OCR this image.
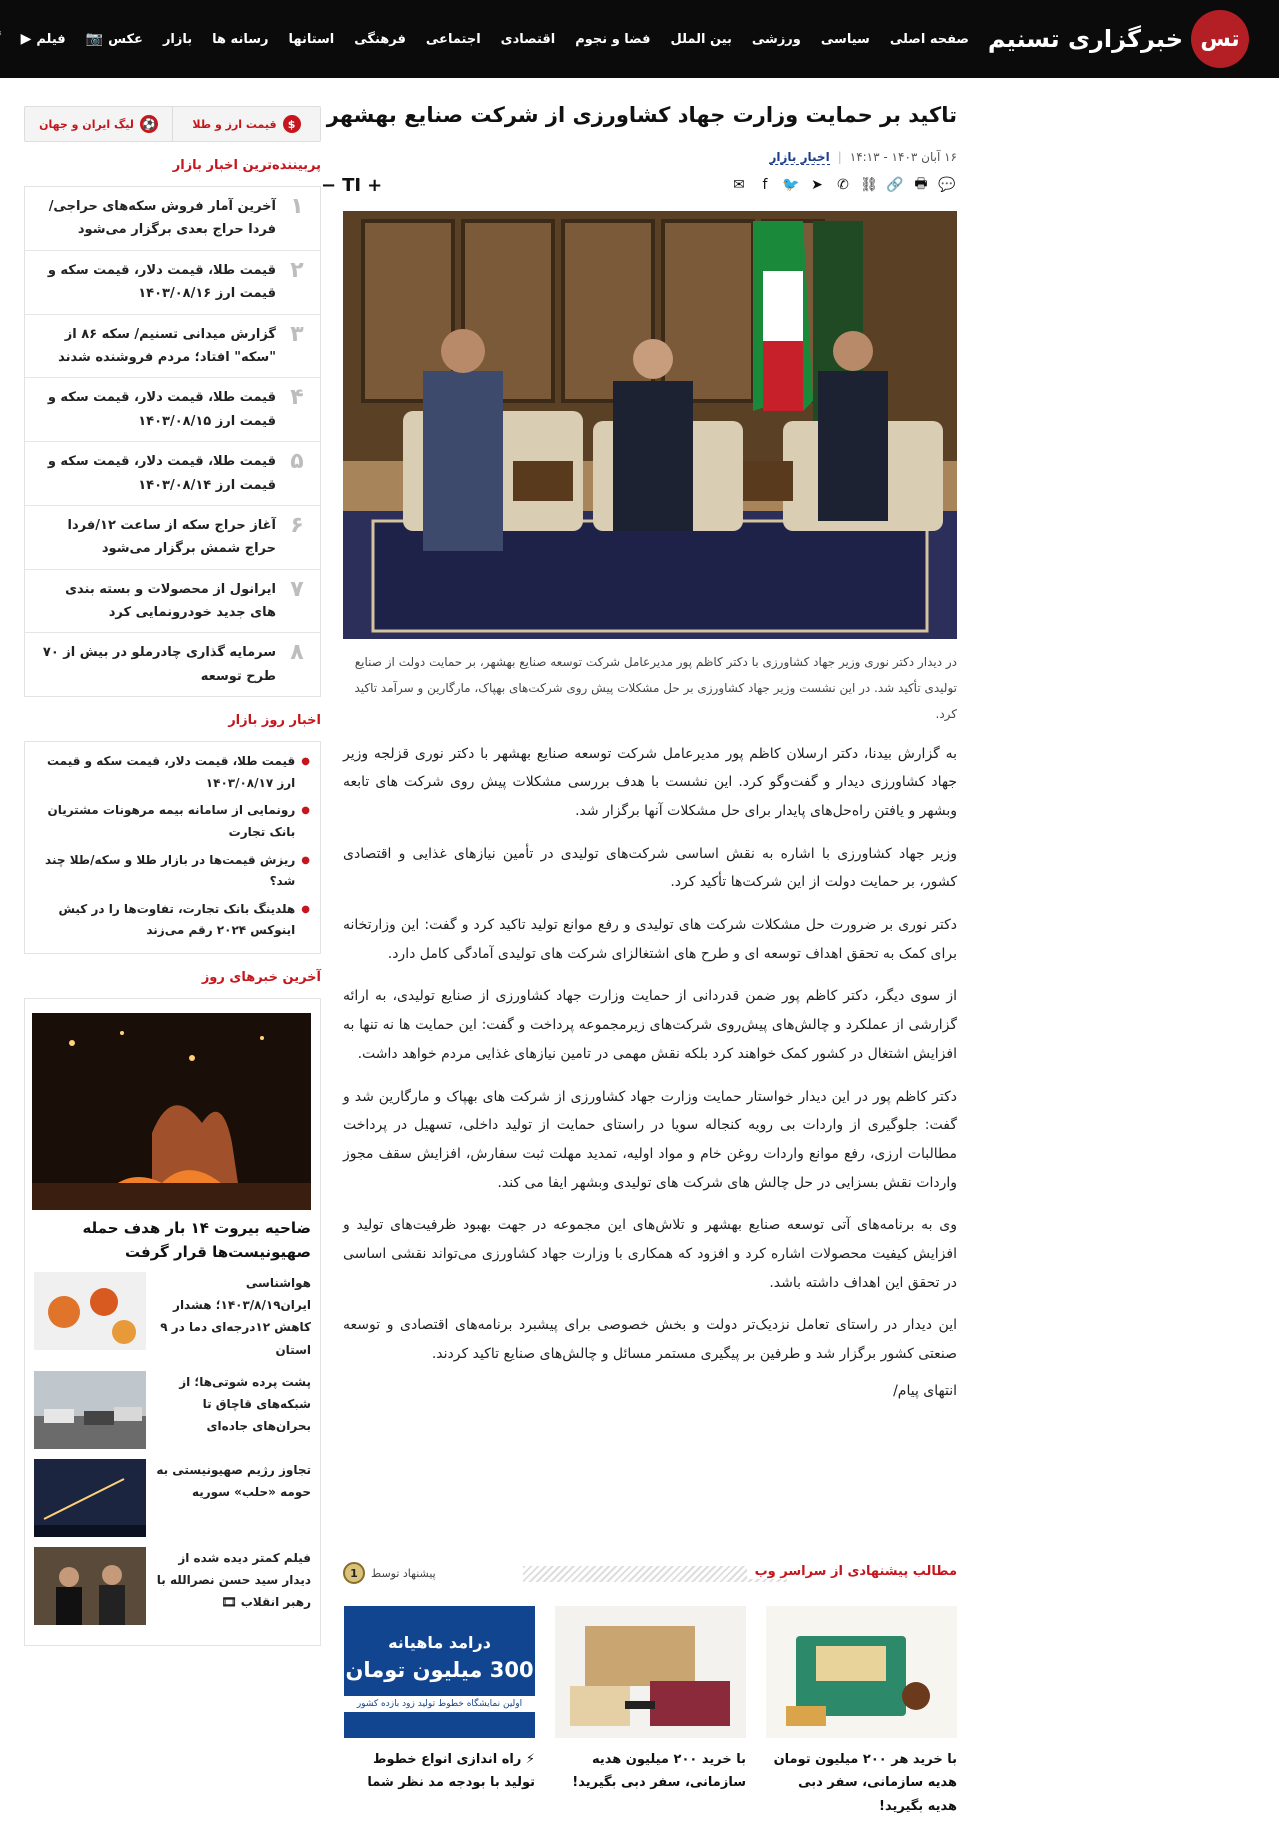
تس
خبرگزاری تسنیم
صفحه اصلی
سیاسی
ورزشی
بین الملل
فضا و نجوم
اقتصادی
اجتماعی
فرهنگی
استانها
رسانه ها
بازار
عکس
📷
فیلم
▶
تاکید بر حمایت وزارت جهاد کشاورزی از شرکت صنایع بهشهر
۱۶ آبان ۱۴۰۳ - ۱۴:۱۳
|
اخبار بازار
💬
🖶
🔗
⛓
✆
➤
🐦
f
✉
+
TI
−

در دیدار دکتر نوری وزیر جهاد کشاورزی با دکتر کاظم پور مدیرعامل شرکت توسعه صنایع بهشهر، بر حمایت دولت از صنایع تولیدی تأکید شد. در این نشست وزیر جهاد کشاورزی بر حل مشکلات پیش روی شرکت‌های بهپاک، مارگارین و سرآمد تاکید کرد.

به گزارش بیدنا، دکتر ارسلان کاظم پور مدیرعامل شرکت توسعه صنایع بهشهر با دکتر نوری قزلجه وزیر جهاد کشاورزی دیدار و گفت‌وگو کرد. این نشست با هدف بررسی مشکلات پیش روی شرکت های تابعه وبشهر و یافتن راه‌حل‌های پایدار برای حل مشکلات آنها برگزار شد.

وزیر جهاد کشاورزی با اشاره به نقش اساسی شرکت‌های تولیدی در تأمین نیازهای غذایی و اقتصادی کشور، بر حمایت دولت از این شرکت‌ها تأکید کرد.

دکتر نوری بر ضرورت حل مشکلات شرکت های تولیدی و رفع موانع تولید تاکید کرد و گفت: این وزارتخانه برای کمک به تحقق اهداف توسعه ای و طرح های اشتغالزای شرکت های تولیدی آمادگی کامل دارد.

از سوی دیگر، دکتر کاظم پور ضمن قدردانی از حمایت وزارت جهاد کشاورزی از صنایع تولیدی، به ارائه گزارشی از عملکرد و چالش‌های پیش‌روی شرکت‌های زیرمجموعه پرداخت و گفت: این حمایت ها نه تنها به افزایش اشتغال در کشور کمک خواهند کرد بلکه نقش مهمی در تامین نیازهای غذایی مردم خواهد داشت.

دکتر کاظم پور در این دیدار خواستار حمایت وزارت جهاد کشاورزی از شرکت های بهپاک و مارگارین شد و گفت: جلوگیری از واردات بی رویه کنجاله سویا در راستای حمایت از تولید داخلی، تسهیل در پرداخت مطالبات ارزی، رفع موانع واردات روغن خام و مواد اولیه، تمدید مهلت ثبت سفارش، افزایش سقف مجوز واردات نقش بسزایی در حل چالش های شرکت های تولیدی وبشهر ایفا می کند.

وی به برنامه‌های آتی توسعه صنایع بهشهر و تلاش‌های این مجموعه در جهت بهبود ظرفیت‌های تولید و افزایش کیفیت محصولات اشاره کرد و افزود که همکاری با وزارت جهاد کشاورزی می‌تواند نقشی اساسی در تحقق این اهداف داشته باشد.

این دیدار در راستای تعامل نزدیک‌تر دولت و بخش خصوصی برای پیشبرد برنامه‌های اقتصادی و توسعه صنعتی کشور برگزار شد و طرفین بر پیگیری مستمر مسائل و چالش‌های صنایع تاکید کردند.

انتهای پیام/
مطالب پیشنهادی از سراسر وب
پیشنهاد توسط
1
با خرید هر ۲۰۰ میلیون تومان هدیه سازمانی، سفر دبی هدیه بگیرید!
با خرید ۲۰۰ میلیون هدیه سازمانی، سفر دبی بگیرید!
درامد ماهیانه
300 میلیون تومان
اولین نمایشگاه خطوط تولید زود بازده کشور
⚡ راه اندازی انواع خطوط تولید با بودجه مد نظر شما
$
قیمت ارز و طلا
⚽
لیگ ایران و جهان
پربیننده‌ترین اخبار بازار
۱
آخرین آمار فروش سکه‌های حراجی/فردا حراج بعدی برگزار می‌شود
۲
قیمت طلا، قیمت دلار، قیمت سکه و قیمت ارز ۱۴۰۳/۰۸/۱۶
۳
گزارش میدانی تسنیم/ سکه ۸۶ از "سکه" افتاد؛ مردم فروشنده شدند
۴
قیمت طلا، قیمت دلار، قیمت سکه و قیمت ارز ۱۴۰۳/۰۸/۱۵
۵
قیمت طلا، قیمت دلار، قیمت سکه و قیمت ارز ۱۴۰۳/۰۸/۱۴
۶
آغاز حراج سکه از ساعت ۱۲/فردا حراج شمش برگزار می‌شود
۷
ایرانول از محصولات و بسته بندی های جدید خودرونمایی کرد
۸
سرمایه گذاری چادرملو در بیش از ۷۰ طرح توسعه
اخبار روز بازار
●
قیمت طلا، قیمت دلار، قیمت سکه و قیمت ارز ۱۴۰۳/۰۸/۱۷
●
رونمایی از سامانه بیمه مرهونات مشتریان بانک تجارت
●
ریزش قیمت‌ها در بازار طلا و سکه/طلا چند شد؟
●
هلدینگ بانک تجارت، تفاوت‌ها را در کیش اینوکس ۲۰۲۴ رقم می‌زند
آخرین خبرهای روز
ضاحیه بیروت ۱۴ بار هدف حمله صهیونیست‌ها قرار گرفت
هواشناسی ایران۱۴۰۳/۸/۱۹؛ هشدار کاهش ۱۲درجه‌ای دما در ۹ استان
پشت پرده شوتی‌ها؛ از شبکه‌های قاچاق تا بحران‌های جاده‌ای
تجاوز رژیم صهیونیستی به حومه «حلب» سوریه
فیلم کمتر دیده شده از دیدار سید حسن نصرالله با رهبر انقلاب 🎞
